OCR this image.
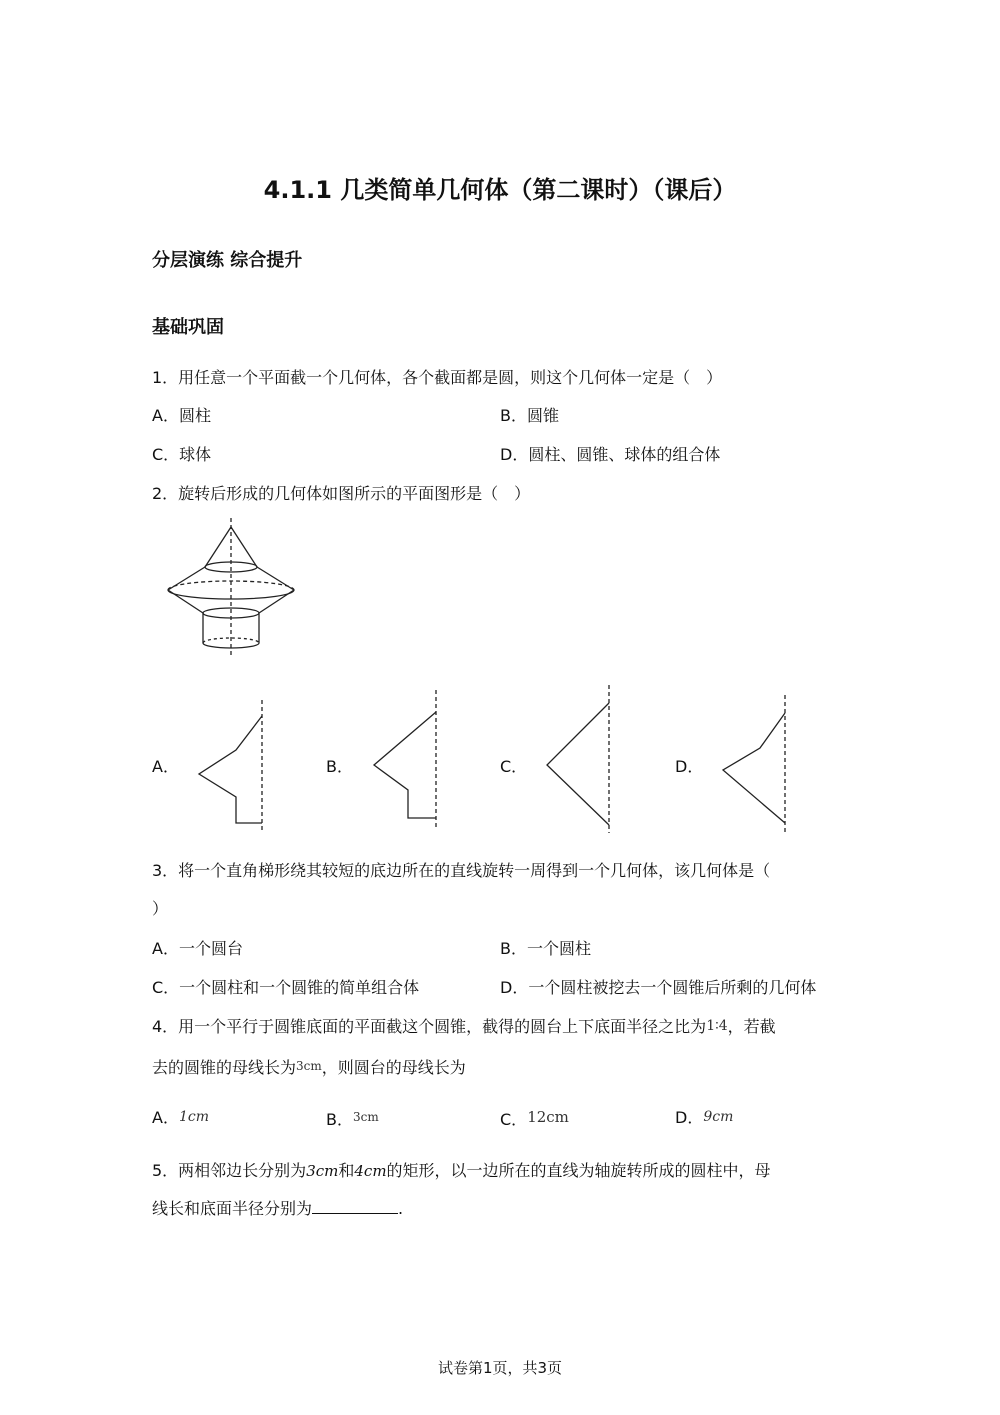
4.1.1 几类简单几何体（第二课时）（课后）
分层演练 综合提升
基础巩固
1．用任意一个平面截一个几何体，各个截面都是圆，则这个几何体一定是（　）
A．圆柱	B．圆锥
C．球体	D．圆柱、圆锥、球体的组合体
2．旋转后形成的几何体如图所示的平面图形是（　）
A．	B．	C．	D．
3．将一个直角梯形绕其较短的底边所在的直线旋转一周得到一个几何体，该几何体是（
）
A．一个圆台	B．一个圆柱
C．一个圆柱和一个圆锥的简单组合体	D．一个圆柱被挖去一个圆锥后所剩的几何体
4．用一个平行于圆锥底面的平面截这个圆锥，截得的圆台上下底面半径之比为1∶4，若截
去的圆锥的母线长为3cm，则圆台的母线长为
A．1cm	B．$^{3cm}$	C．12cm	D．9cm
5．两相邻边长分别为3cm和4cm的矩形，以一边所在的直线为轴旋转所成的圆柱中，母
线长和底面半径分别为	.
试卷第1页，共3页
